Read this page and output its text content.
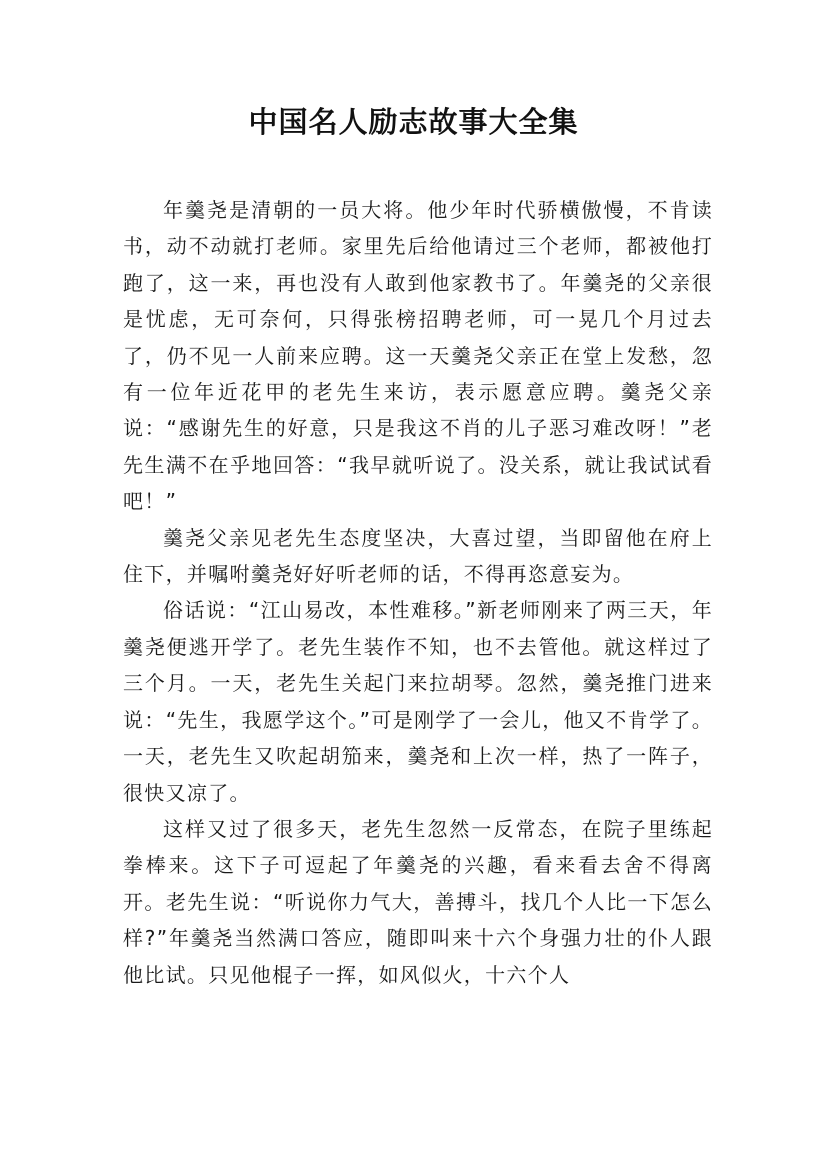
中国名人励志故事大全集

年羹尧是清朝的一员大将。他少年时代骄横傲慢，不肯读书，动不动就打老师。家里先后给他请过三个老师，都被他打跑了，这一来，再也没有人敢到他家教书了。年羹尧的父亲很是忧虑，无可奈何，只得张榜招聘老师，可一晃几个月过去了，仍不见一人前来应聘。这一天羹尧父亲正在堂上发愁，忽有一位年近花甲的老先生来访，表示愿意应聘。羹尧父亲说：“感谢先生的好意，只是我这不肖的儿子恶习难改呀！”老先生满不在乎地回答：“我早就听说了。没关系，就让我试试看吧！”

羹尧父亲见老先生态度坚决，大喜过望，当即留他在府上住下，并嘱咐羹尧好好听老师的话，不得再恣意妄为。

俗话说：“江山易改，本性难移。”新老师刚来了两三天，年羹尧便逃开学了。老先生装作不知，也不去管他。就这样过了三个月。一天，老先生关起门来拉胡琴。忽然，羹尧推门进来说：“先生，我愿学这个。”可是刚学了一会儿，他又不肯学了。一天，老先生又吹起胡笳来，羹尧和上次一样，热了一阵子，很快又凉了。

这样又过了很多天，老先生忽然一反常态，在院子里练起拳棒来。这下子可逗起了年羹尧的兴趣，看来看去舍不得离开。老先生说：“听说你力气大，善搏斗，找几个人比一下怎么样?”年羹尧当然满口答应，随即叫来十六个身强力壮的仆人跟他比试。只见他棍子一挥，如风似火，十六个人
